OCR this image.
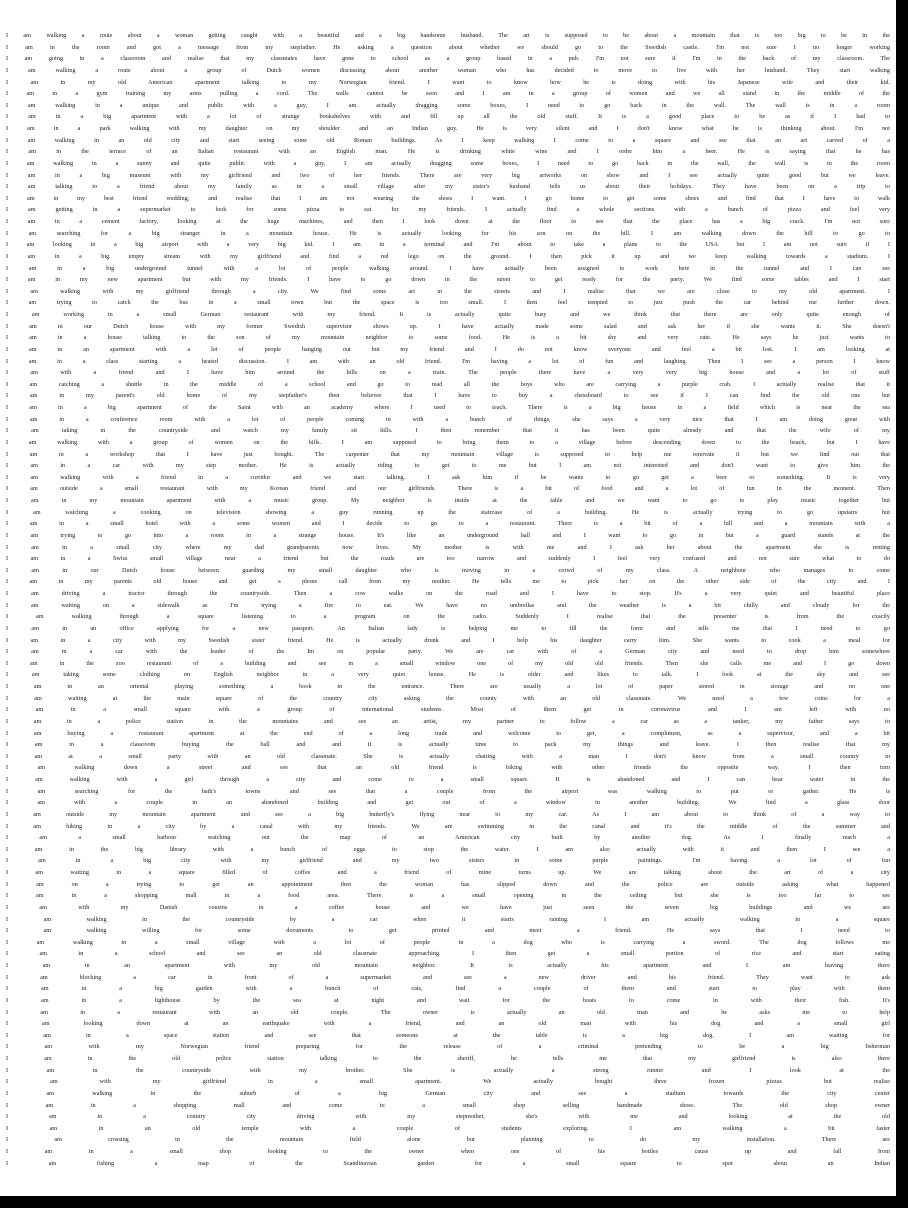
I am walking a route about a woman getting caught with a beautiful and a big handsome husband. The art is supposed to be about a mountain that is too big to be in the
I am in the room and got a message from my stepfather. He asking a question about whether we should go to the Swedish castle. I'm not sure I no longer working
I am going in a classroom and realise that my classmates have gone to school as a group based in a pub. I'm not sure if I'm in the back of my classroom. The
I am walking a route about a group of Dutch women discussing about another woman who has decided to move to live with her husband. They start walking
I am in my old American apartment talking to my Norwegian friend. I want to know how he is doing with his Japanese wife and their kid.
I am in a gym training my arms pulling a cord. The walls cannot be seen and I am in a group of women and we all stand in the middle of the
I am walking in a unique and public with a guy, I am actually dragging some boxes, I need to go back in the wall. The wall is in a room
I am in a big apartment with a lot of strange bookshelves with and fill up all the old stuff. It is a good place to be as if I had to
I am in a park walking with my daughter on my shoulder and an Indian guy. He is very silent and I don't know what he is thinking about. I'm not
I am walking in an old city and start seeing some old Roman buildings. As I keep walking I come to a square and see that an art carved of a
I am in the terrace of an Italian restaurant with an English man. He is drinking white wine and I order him a beer. He is saying that he has
I am walking in a sunny and quite public with a guy, I am actually dragging some boxes, I need to go back in the wall, the wall is in the room
I am in a big museum with my girlfriend and two of her friends. There are very big artworks on show and I see actually quite good but we leave.
I am talking to a friend about my family as in a small village after my sister's husband tells us about their holidays. They have been on a trip to
I am in my best friend wedding, and realise that I am not wearing the shoes I want. I go home to get some shoes and find that I have to walk
I am getting in a supermarket to look for some pizza to eat for my friends. I actually find a whole sections with a bunch of pizza and feel very
I am in a cement factory, looking at the huge machines, and then I look down at the floor to see that the place has a big crack. I'm not sure
I am searching for a big stranger in a mountain house. He is actually looking for his son on the hill. I am walking down the hill to go to
I am looking in a big airport with a very big kid. I am in a terminal and I'm about to take a plane to the USA but I am not sure if I
I am in a big empty stream with my girlfriend and find a red lego on the ground. I then pick it up and we keep walking towards a stadium. I
I am in a big underground tunnel with a lot of people walking around. I have actually been assigned to work here in the tunnel and I can see
I am in my new apartment but with my friends. I have to go down in the street to get ready for the party. We find some tables and I start
I am walking with my girlfriend through a city. We find some art in the streets and I realise that we are close to my old apartment. I
I am trying to catch the bus in a small town but the space is too small. I then feel tempted to just push the car behind me further down.
I am working in a small German restaurant with my friend. It is actually quite busy and we think that there are only quite enough of
I am in our Dutch house with my former Swedish supervisor shows up. I have actually made some salad and ask her if she wants it. She doesn't
I am in a house talking to the son of my mountain neighbor to some food. He is a bit shy and very cute. He says he just wants to
I am in an apartment with a lot of people hanging out but my friend and I do not know everyone and feel a bit lost. I am looking at
I am in a class starting a heated discussion. I am with an old friend. I'm having a lot of fun and laughing. Then I see a person I know
I am with a friend and I have him around the hills on a train. The people there have a very very big house and a lot of stuff
I am catching a shuttle in the middle of a school and go to read all the boys who are carrying a purple crab. I actually realise that it
I am in my parent's old home of my stepfather's then believes that I have to buy a chessboard to see if I can find the old one but
I am in a big apartment of the Saint with an academy where I used to teach. There is a big house in a field which is near the sea
I am in a conference room with a lot of people coming in with a bunch of things, she says a very nice that I am doing great with
I am taking in the countryside and watch my family sit hills. I then remember that it has been quite already and that the wife of my
I am walking with a group of women on the hills. I am supposed to bring them to a village before descending down to the beach, but I have
I am in a workshop that I have just bought. The carpenter that my mountain village is supposed to help me renovate it but we find out that
I am in a car with my step mother. He is actually riding to get to me but I am not interested and don't want to give him the
I am walking with a friend in a corridor and we start talking. I ask him if he wants to go get a beer or something. It is very
I am outside a small restaurant with my Korean friend and our girlfriends. There is a bit of food and a lot of fun in the moment. Then
I am in my mountain apartment with a music group. My neighbor is inside at the table and we want to go to play music together but
I am watching a cooking on television showing a guy running up the staircase of a building. He is actually trying to go upstairs but
I am in a small hotel with a some women and I decide to go to a restaurant. There is a bit of a hill and a mountain with a
I am trying to go into a room in a strange house. It's like an underground hall and I want to go in but a guard stands at the
I am in a small city where my dad grandparents now lives. My mother is with me and I ask her about the apartment she is renting
I am in a Swiss small village near a friend but the roads are too narrow and suddenly I feel very confused and not sure what to do
I am in our Dutch house between guarding my small daughter who is moving in a crowd of my class. A neighbour who manages to come
I am in my parents old house and get a phone call from my mother. He tells me to pick her on the other side of the city and I
I am driving a tractor through the countryside. Then a cow walks on the road and I have to stop. It's a very quiet and beautiful place
I am waiting on a sidewalk as I'm trying a fire to eat. We have no umbrellas and the weather is a bit chilly and cloudy for the
I am walking through a square listening to a program on the radio. Suddenly I realise that the presenter is from the exactly
I am in an office applying for a new passport. An Italian lady is helping me to fill the form and tells me that I need to go
I am in a city with my Swedish sister friend. He is actually drunk and I help his daughter carry him. She wants to cook a meal for
I am in a car with the leader of the Im on popular party. We are car with of a German city and need to drop him somewhere
I am in the zoo restaurant of a building and see in a small window one of my old old friends. Then she calls me and I go down
I am taking some clothing on English neighbor in a very quiet house. He is older and likes to talk. I look at the sky and see
I am in an oriental playing something a book in the entrance. There are usually a lot of paper stored in storage and no one
I am waiting at the main square of the country city asking the county with an old classmate. We need a few coins for a
I am in a small square with a group of international students. Most of them get in coronavirus and I am left with no
I am in a police station in the mountains and see an artist, my partner to follow a car as a tanker, my father says to
I am buying a restaurant apartment at the end of a long trade and welcome to get, a compliment, as a supervisor, and a bit
I am in a classroom buying the ball and and it is actually time to pack my things and leave. I then realise that my
I am at a small party with an old classmate. She is actually chatting with a man I don't know from a small country in
I am walking down a street and see that an old friend is biking with other friends the opposite way. I then turn
I am walking with a girl through a city and come to a small square. It is abandoned and I can hear water in the
I am searching for the bath's towns and see that a couple from the airport was walking to put or gather. He is
I am with a couple in an abandoned building and get out of a window in another building. We find a glass door
I am outside my mountain apartment and see a big butterfly's flying near to my car. As I am about to think of a way to
I am hiking in a city by a canal with my friends. We are swimming in the canal and it's the middle of the summer and
I am a small harbour watching out the map of an American city built by another dog. As I finally reach a
I am in the big library with a bunch of eggs to stop the water. I am also actually with it and then I see a
I am in a big city with my girlfriend and my two sisters in some purple paintings. I'm having a lot of fun
I am waiting in a square filled of coffee and a friend of mine turns up. We are talking about the art of a city
I am on a trying to get an appointment then the woman has slipped down and the police are outside asking what happened
I am in a shopping mall in a food area. There is a small opening in the ceiling but she is too far to see
I am with my Danish cousins in a coffee house and we have just seen the seven big buildings and we are
I am walking in the countryside by a car when it starts raining. I am actually walking in a square
I am walking willing for some documents to get printed and meet a friend. He says that I need to
I am walking in a small village with a lot of people in a dog who is carrying a sword. The dog follows me
I am in a school and see an old classmate approaching. I then get a small portion of rice and start eating
I am in an apartment with my old mountain neighbor. It is actually his apartment and I am leaving there
I am blocking a car in front of a supermarket and see a new driver and his friend. They want to ask
I am in a big garden with a bunch of cats, find a couple of them and start to play with them
I am in a lighthouse by the sea at night and wait for the boats to come in with their fish. It's
I am in a restaurant with an old couple. The owner is actually an old man and he asks me to help
I am looking down at an earthquake with a friend, and an old man with his dog and a small girl
I am in a space station and see that someone at the table is a big dog. I am waiting for
I am with my Norwegian friend preparing for the release of a criminal pretending to be a big fisherman
I am in the old police station talking to the sheriff, he tells me that my girlfriend is also there
I am in the countryside with my brother. She is actually a strong runner and I look at the
I am with my girlfriend in a small apartment. We actually bought three frozen pizzas but realise
I am walking in the suburb of a big German city and see a stadium towards the city center
I am in a shopping mall and come to a small shop selling handmade shoes. The old shop owner
I am in a country city driving with my stepmother, she's with me and looking at the old
I am in an old temple with a couple of students exploring. I am walking a bit faster
I am crossing in the mountain field alone but planning to do my installation. There are
I am in a small shop looking to the owner when one of his bottles cause up and fall from
I am fishing a map of the Scandinavian garden for a small square to spot about an Indian
